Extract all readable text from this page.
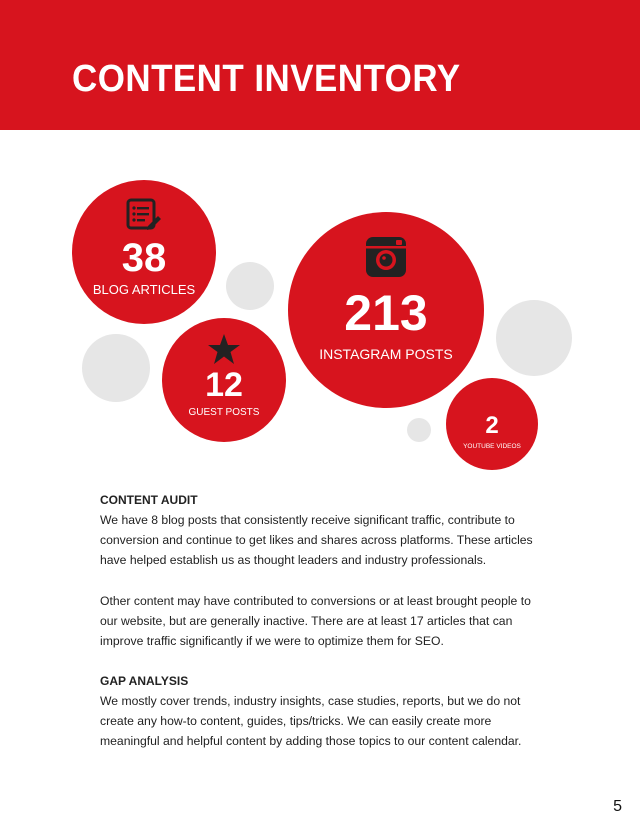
CONTENT INVENTORY
38
BLOG ARTICLES	213
INSTAGRAM POSTS
12
GUEST POSTS	2
YOUTUBE VIDEOS
CONTENT AUDIT

We have 8 blog posts that consistently receive significant traffic, contribute to conversion and continue to get likes and shares across platforms. These articles have helped establish us as thought leaders and industry professionals.

Other content may have contributed to conversions or at least brought people to our website, but are generally inactive. There are at least 17 articles that can improve traffic significantly if we were to optimize them for SEO.

GAP ANALYSIS

We mostly cover trends, industry insights, case studies, reports, but we do not create any how-to content, guides, tips/tricks. We can easily create more meaningful and helpful content by adding those topics to our content calendar.

5
